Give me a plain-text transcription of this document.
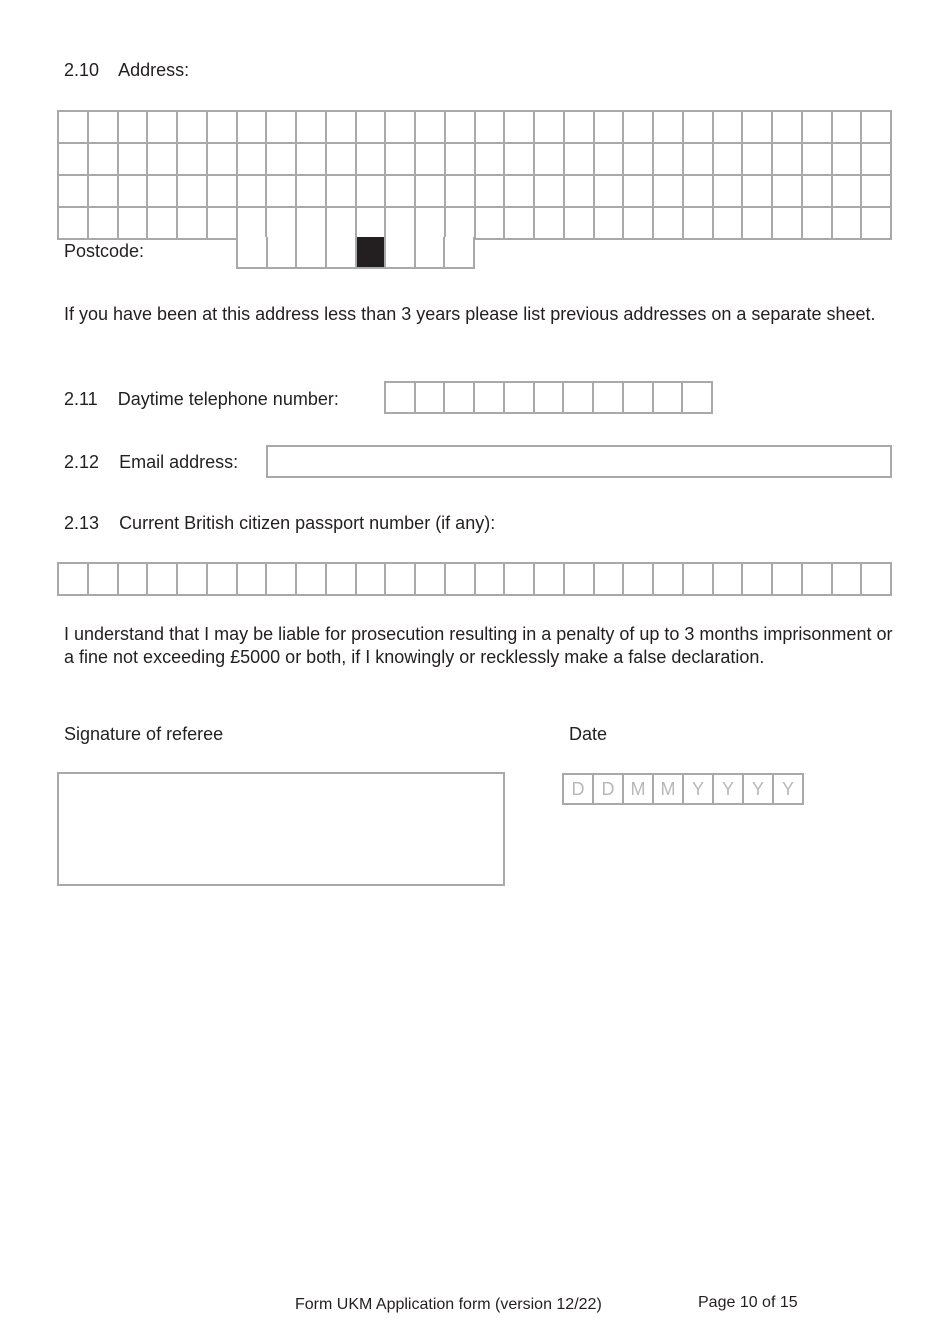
2.10 Address:
Postcode:
If you have been at this address less than 3 years please list previous addresses on a separate sheet.
2.11 Daytime telephone number:
2.12 Email address:
2.13 Current British citizen passport number (if any):
I understand that I may be liable for prosecution resulting in a penalty of up to 3 months imprisonment or a fine not exceeding £5000 or both, if I knowingly or recklessly make a false declaration.
Signature of referee	Date
D D M M Y Y Y Y
Form UKM Application form (version 12/22)	Page 10 of 15
